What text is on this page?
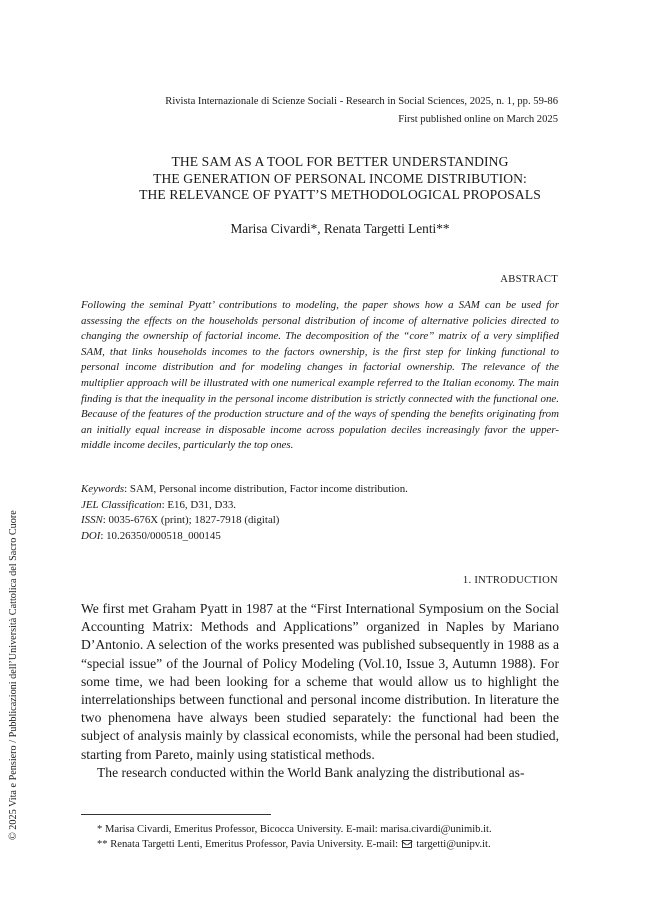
© 2025 Vita e Pensiero / Pubblicazioni dell’Università Cattolica del Sacro Cuore
Rivista Internazionale di Scienze Sociali - Research in Social Sciences, 2025, n. 1, pp. 59-86
First published online on March 2025
THE SAM AS A TOOL FOR BETTER UNDERSTANDING
THE GENERATION OF PERSONAL INCOME DISTRIBUTION:
THE RELEVANCE OF PYATT’S METHODOLOGICAL PROPOSALS
Marisa Civardi*, Renata Targetti Lenti**
ABSTRACT
Following the seminal Pyatt’ contributions to modeling, the paper shows how a SAM can be used for assessing the effects on the households personal distribution of income of alternative policies directed to changing the ownership of factorial income. The decomposition of the “core” matrix of a very simplified SAM, that links households incomes to the factors ownership, is the first step for linking functional to personal income distribution and for modeling changes in factorial ownership. The relevance of the multiplier approach will be illustrated with one numerical example referred to the Italian economy. The main finding is that the inequality in the personal income distribution is strictly connected with the functional one. Because of the features of the production structure and of the ways of spending the benefits originating from an initially equal increase in disposable income across population deciles increasingly favor the upper-middle income deciles, particularly the top ones.
Keywords: SAM, Personal income distribution, Factor income distribution.
JEL Classification: E16, D31, D33.
ISSN: 0035-676X (print); 1827-7918 (digital)
DOI: 10.26350/000518_000145
1. INTRODUCTION

We first met Graham Pyatt in 1987 at the “First International Symposium on the Social Accounting Matrix: Methods and Applications” organized in Naples by Mariano D’Antonio. A selection of the works presented was published subsequently in 1988 as a “special issue” of the Journal of Policy Modeling (Vol.10, Issue 3, Autumn 1988). For some time, we had been looking for a scheme that would allow us to highlight the interrelationships between functional and personal income distribution. In literature the two phenomena have always been studied separately: the functional had been the subject of analysis mainly by classical economists, while the personal had been studied, starting from Pareto, mainly using statistical methods.

The research conducted within the World Bank analyzing the distributional as-

* Marisa Civardi, Emeritus Professor, Bicocca University. E-mail: marisa.civardi@unimib.it.
** Renata Targetti Lenti, Emeritus Professor, Pavia University. E-mail: targetti@unipv.it.
